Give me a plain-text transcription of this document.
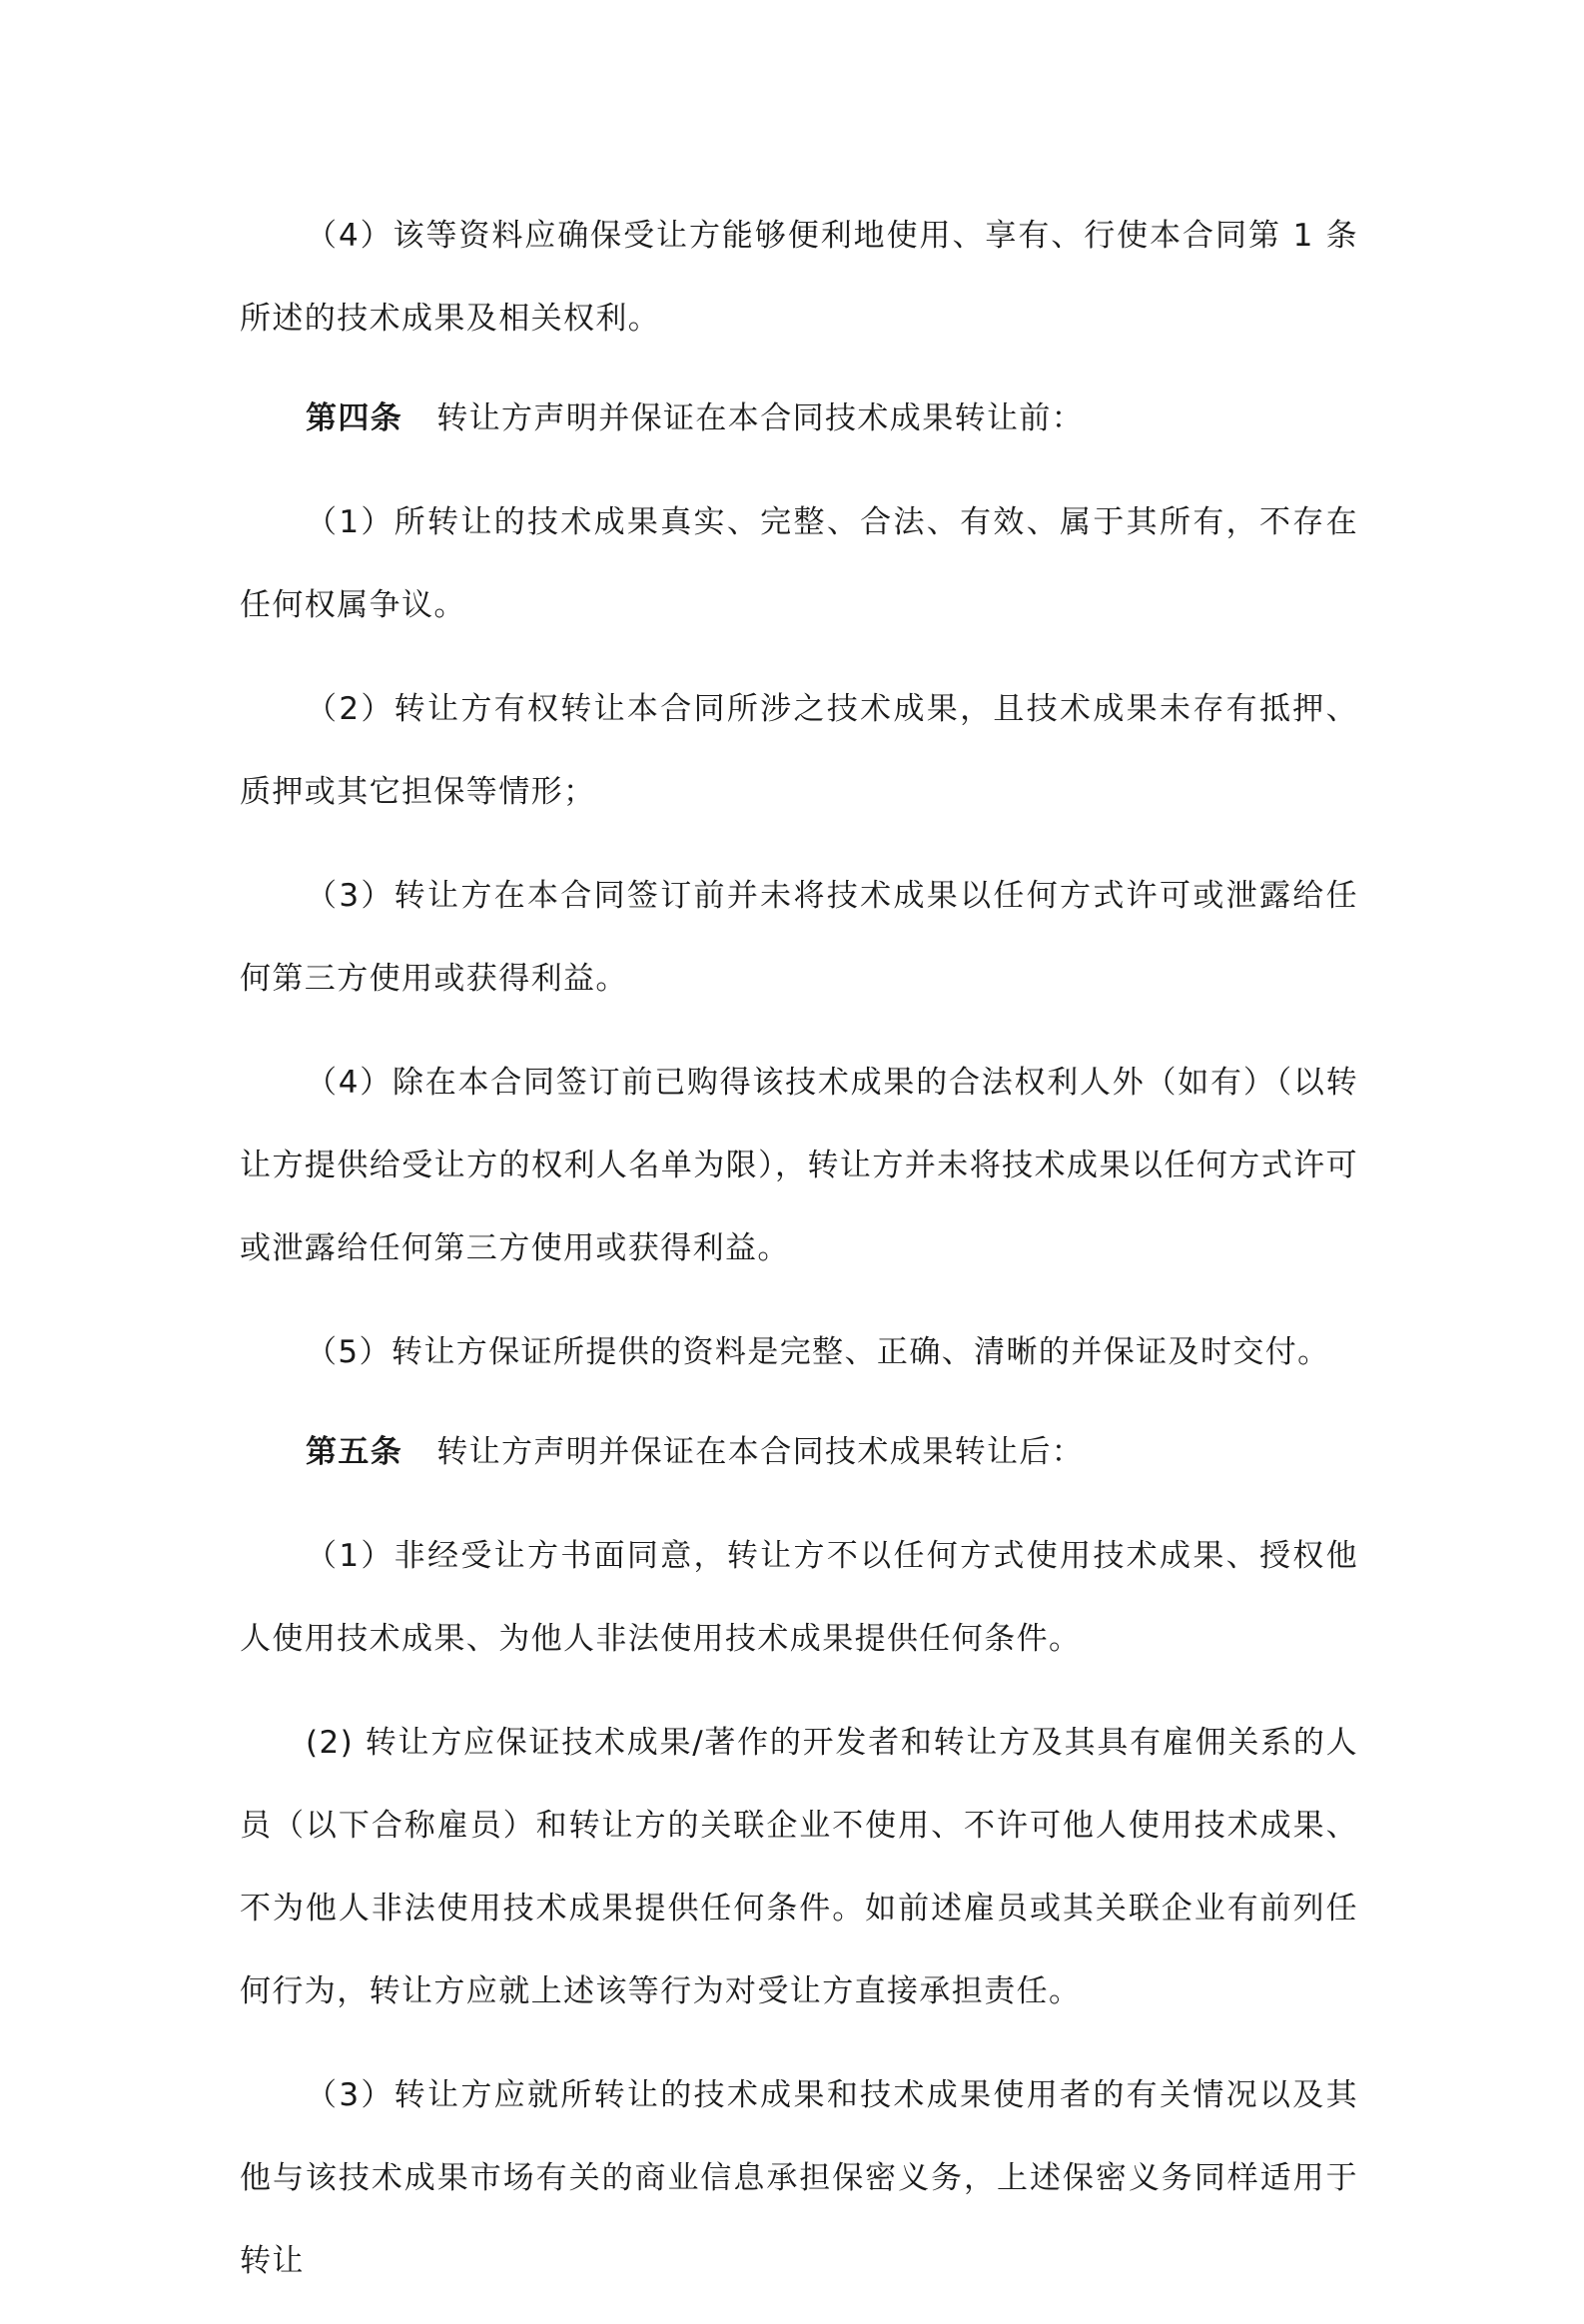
（4）该等资料应确保受让方能够便利地使用、享有、行使本合同第 1 条所述的技术成果及相关权利。

第四条 转让方声明并保证在本合同技术成果转让前：

（1）所转让的技术成果真实、完整、合法、有效、属于其所有，不存在任何权属争议。

（2）转让方有权转让本合同所涉之技术成果，且技术成果未存有抵押、质押或其它担保等情形；

（3）转让方在本合同签订前并未将技术成果以任何方式许可或泄露给任何第三方使用或获得利益。

（4）除在本合同签订前已购得该技术成果的合法权利人外（如有）（以转让方提供给受让方的权利人名单为限），转让方并未将技术成果以任何方式许可或泄露给任何第三方使用或获得利益。

（5）转让方保证所提供的资料是完整、正确、清晰的并保证及时交付。

第五条 转让方声明并保证在本合同技术成果转让后：

（1）非经受让方书面同意，转让方不以任何方式使用技术成果、授权他人使用技术成果、为他人非法使用技术成果提供任何条件。

(2) 转让方应保证技术成果/著作的开发者和转让方及其具有雇佣关系的人员（以下合称雇员）和转让方的关联企业不使用、不许可他人使用技术成果、不为他人非法使用技术成果提供任何条件。如前述雇员或其关联企业有前列任何行为，转让方应就上述该等行为对受让方直接承担责任。

（3）转让方应就所转让的技术成果和技术成果使用者的有关情况以及其他与该技术成果市场有关的商业信息承担保密义务，上述保密义务同样适用于转让
